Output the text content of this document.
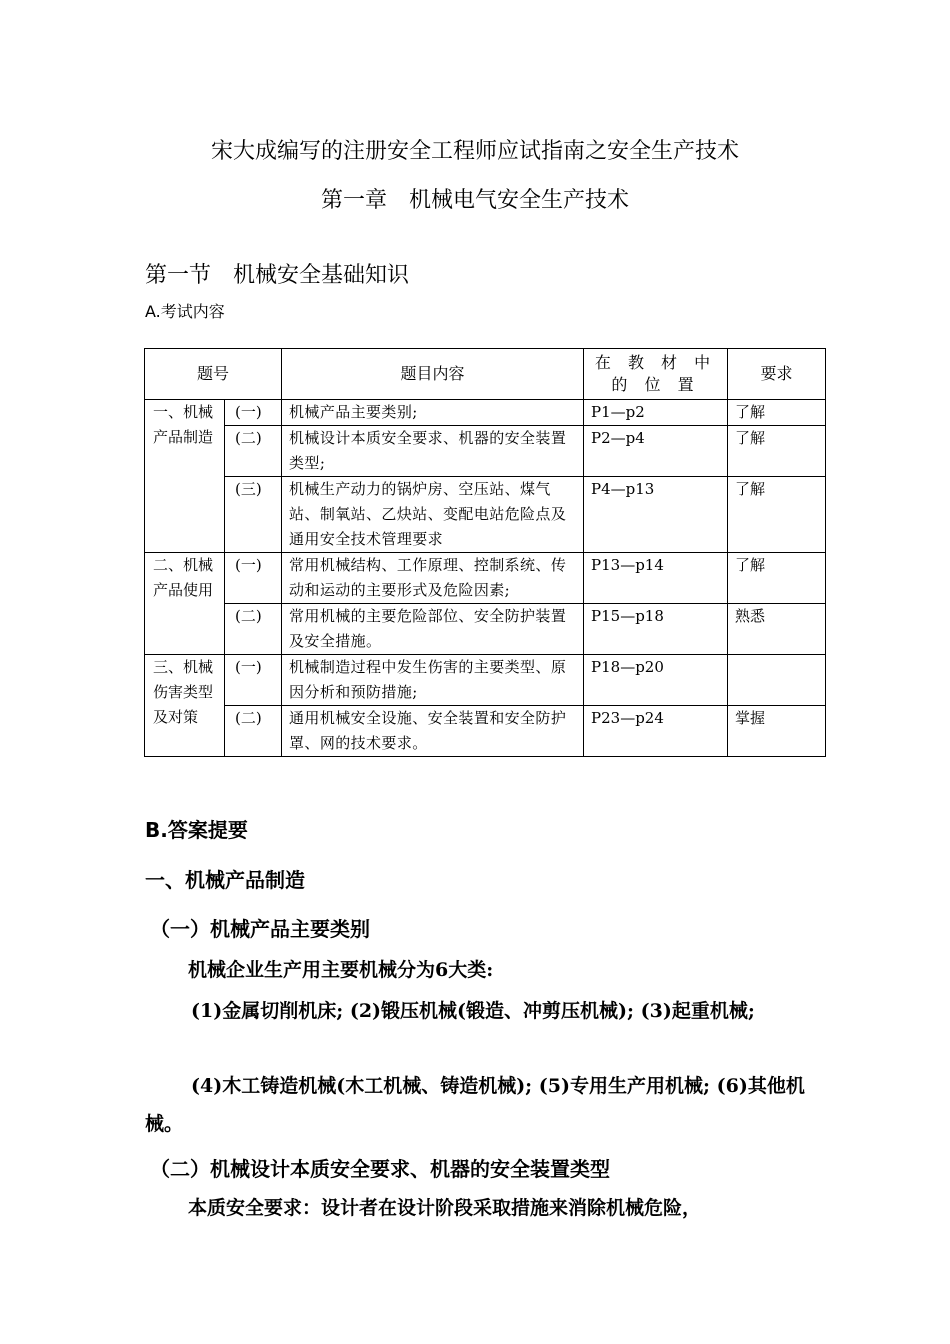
宋大成编写的注册安全工程师应试指南之安全生产技术
第一章　机械电气安全生产技术
第一节　机械安全基础知识
A.考试内容
题号		题目内容	在 教 材 中 的 位 置	要求
一、机械产品制造	(一)	机械产品主要类别;	P1—p2	了解
	(二)	机械设计本质安全要求、机器的安全装置类型;	P2—p4	了解
	(三)	机械生产动力的锅炉房、空压站、煤气站、制氧站、乙炔站、变配电站危险点及通用安全技术管理要求	P4—p13	了解
二、机械产品使用	(一)	常用机械结构、工作原理、控制系统、传动和运动的主要形式及危险因素;	P13—p14	了解
	(二)	常用机械的主要危险部位、安全防护装置及安全措施。	P15—p18	熟悉
三、机械伤害类型及对策	(一)	机械制造过程中发生伤害的主要类型、原因分析和预防措施;	P18—p20	
	(二)	通用机械安全设施、安全装置和安全防护罩、网的技术要求。	P23—p24	掌握
B.答案提要
一、机械产品制造
（一）机械产品主要类别
机械企业生产用主要机械分为6大类:
(1)金属切削机床; (2)锻压机械(锻造、冲剪压机械); (3)起重机械;
(4)木工铸造机械(木工机械、铸造机械); (5)专用生产用机械; (6)其他机械。
（二）机械设计本质安全要求、机器的安全装置类型
本质安全要求：设计者在设计阶段采取措施来消除机械危险，
